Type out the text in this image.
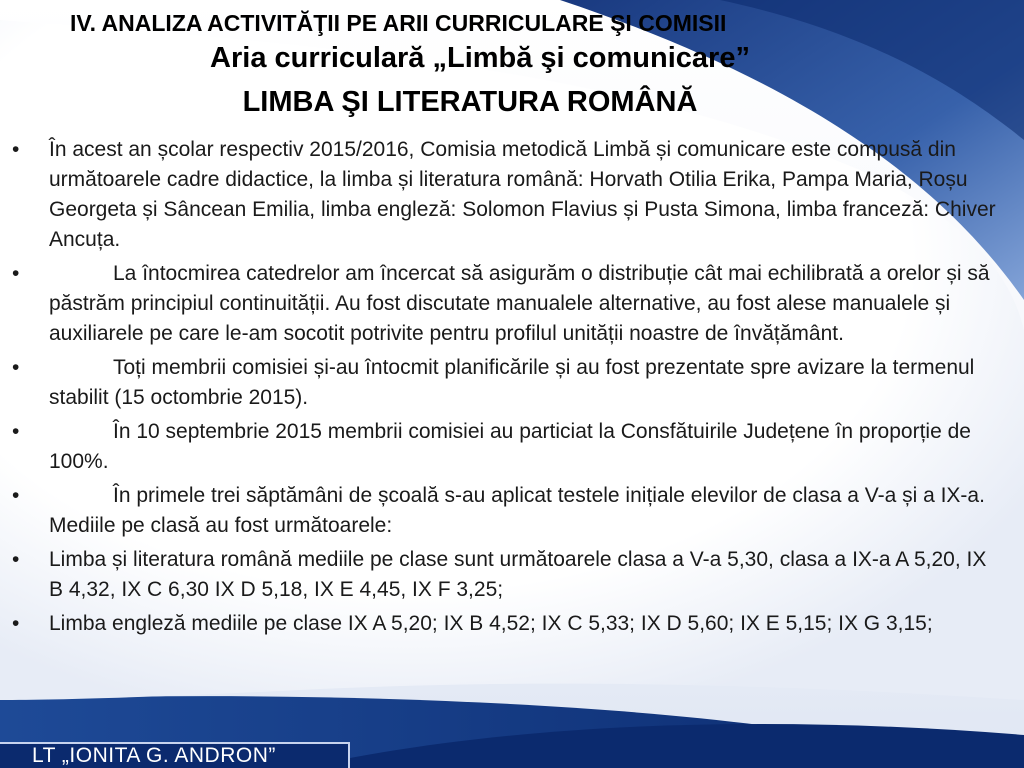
IV. ANALIZA ACTIVITĂŢII PE ARII CURRICULARE ŞI COMISII
Aria curriculară „Limbă şi comunicare”
LIMBA ŞI LITERATURA ROMÂNĂ
•	În acest an școlar respectiv 2015/2016, Comisia metodică Limbă și comunicare este compusă din următoarele cadre didactice, la limba și literatura română: Horvath Otilia Erika, Pampa Maria, Roșu Georgeta și Sâncean Emilia, limba engleză: Solomon Flavius și Pusta Simona, limba franceză: Chiver Ancuța.
•	La întocmirea catedrelor am încercat să asigurăm o distribuție cât mai echilibrată a orelor și să păstrăm principiul continuității. Au fost discutate manualele alternative, au fost alese manualele și auxiliarele pe care le-am socotit potrivite pentru profilul unității noastre de învățământ.
•	Toți membrii comisiei și-au întocmit planificările și au fost prezentate spre avizare la termenul stabilit (15 octombrie 2015).
•	În 10 septembrie 2015 membrii comisiei au particiat la Consfătuirile Județene în proporție de 100%.
•	În primele trei săptămâni de școală s-au aplicat testele inițiale elevilor de clasa a V-a și a IX-a. Mediile pe clasă au fost următoarele:
•	Limba și literatura română mediile pe clase sunt următoarele clasa a V-a 5,30, clasa a IX-a A 5,20, IX B 4,32, IX C 6,30 IX D 5,18, IX E 4,45, IX F 3,25;
•	Limba engleză mediile pe clase IX A 5,20; IX B 4,52; IX C 5,33; IX D 5,60; IX E 5,15; IX G 3,15;
LT „IONITA G. ANDRON”
